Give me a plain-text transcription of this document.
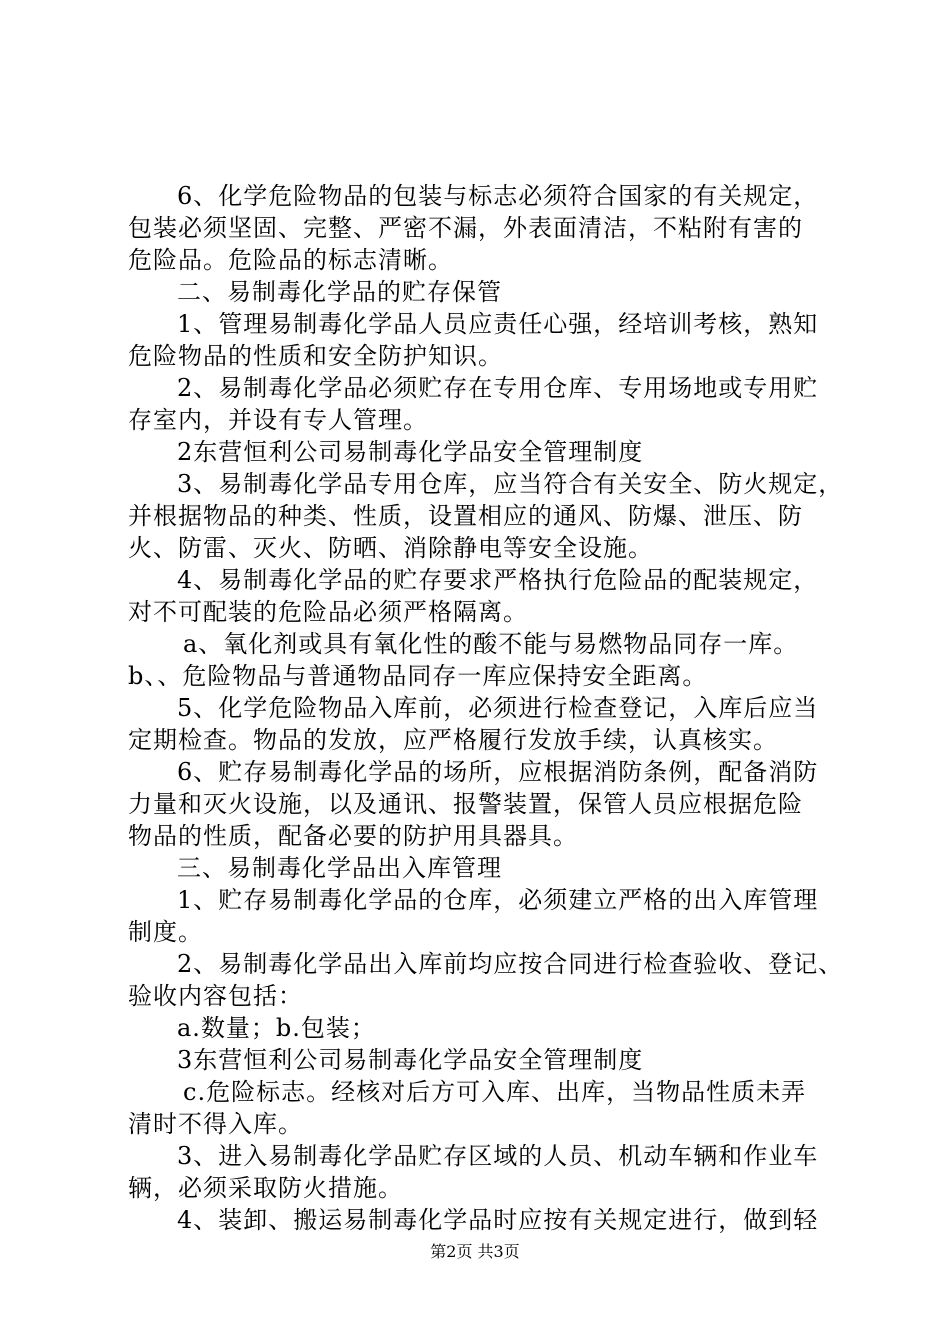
6、化学危险物品的包装与标志必须符合国家的有关规定，
包装必须坚固、完整、严密不漏，外表面清洁，不粘附有害的
危险品。危险品的标志清晰。
二、易制毒化学品的贮存保管
1、管理易制毒化学品人员应责任心强，经培训考核，熟知
危险物品的性质和安全防护知识。
2、易制毒化学品必须贮存在专用仓库、专用场地或专用贮
存室内，并设有专人管理。
2东营恒利公司易制毒化学品安全管理制度
3、易制毒化学品专用仓库，应当符合有关安全、防火规定，
并根据物品的种类、性质，设置相应的通风、防爆、泄压、防
火、防雷、灭火、防晒、消除静电等安全设施。
4、易制毒化学品的贮存要求严格执行危险品的配装规定，
对不可配装的危险品必须严格隔离。
a、氧化剂或具有氧化性的酸不能与易燃物品同存一库。
b、、危险物品与普通物品同存一库应保持安全距离。
5、化学危险物品入库前，必须进行检查登记，入库后应当
定期检查。物品的发放，应严格履行发放手续，认真核实。
6、贮存易制毒化学品的场所，应根据消防条例，配备消防
力量和灭火设施，以及通讯、报警装置，保管人员应根据危险
物品的性质，配备必要的防护用具器具。
三、易制毒化学品出入库管理
1、贮存易制毒化学品的仓库，必须建立严格的出入库管理
制度。
2、易制毒化学品出入库前均应按合同进行检查验收、登记、
验收内容包括：
a.数量；b.包装；
3东营恒利公司易制毒化学品安全管理制度
c.危险标志。经核对后方可入库、出库，当物品性质未弄
清时不得入库。
3、进入易制毒化学品贮存区域的人员、机动车辆和作业车
辆，必须采取防火措施。
4、装卸、搬运易制毒化学品时应按有关规定进行，做到轻
第2页 共3页
